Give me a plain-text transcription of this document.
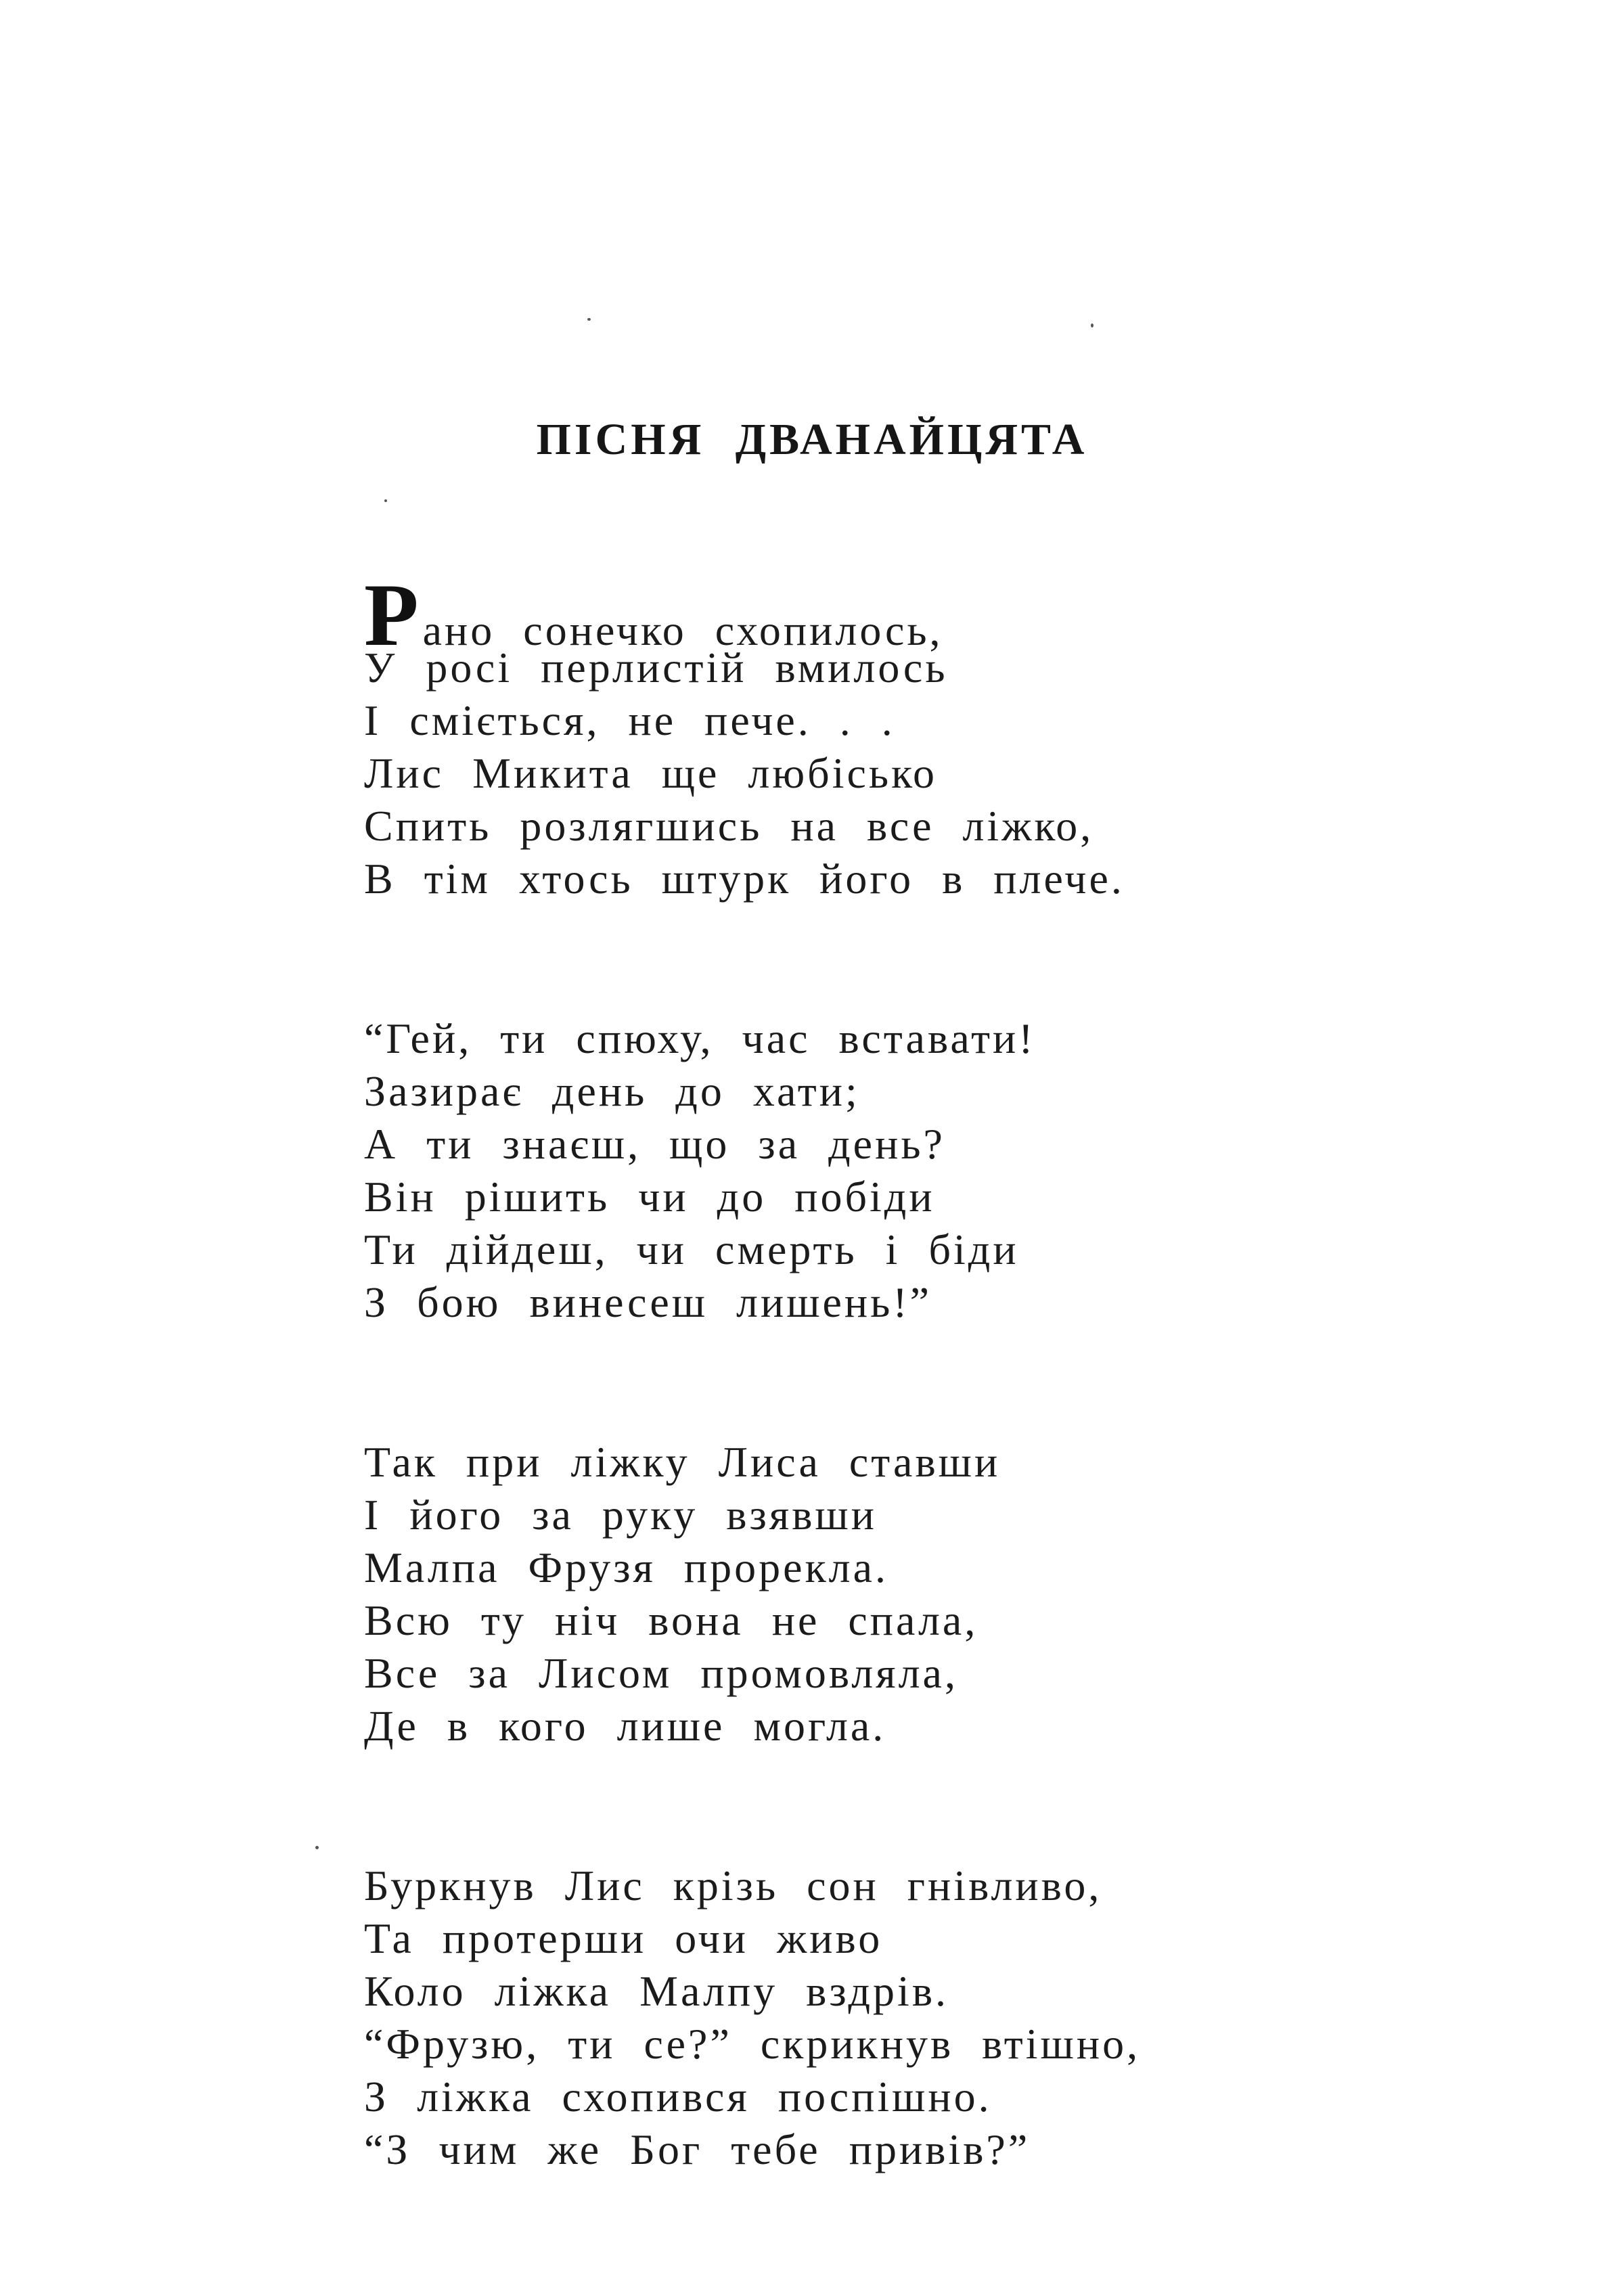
ПІСНЯ ДВАНАЙЦЯТА
Рано сонечко схопилось,
У росі перлистій вмилось
І сміється, не пече. . .
Лис Микита ще любісько
Спить розлягшись на все ліжко,
В тім хтось штурк його в плече.
“Гей, ти спюху, час вставати!
Зазирає день до хати;
А ти знаєш, що за день?
Він рішить чи до побіди
Ти дійдеш, чи смерть і біди
З бою винесеш лишень!”
Так при ліжку Лиса ставши
І його за руку взявши
Малпа Фрузя прорекла.
Всю ту ніч вона не спала,
Все за Лисом промовляла,
Де в кого лише могла.
Буркнув Лис крізь сон гнівливо,
Та протерши очи живо
Коло ліжка Малпу вздрів.
“Фрузю, ти се?” скрикнув втішно,
З ліжка схопився поспішно.
“З чим же Бог тебе привів?”
